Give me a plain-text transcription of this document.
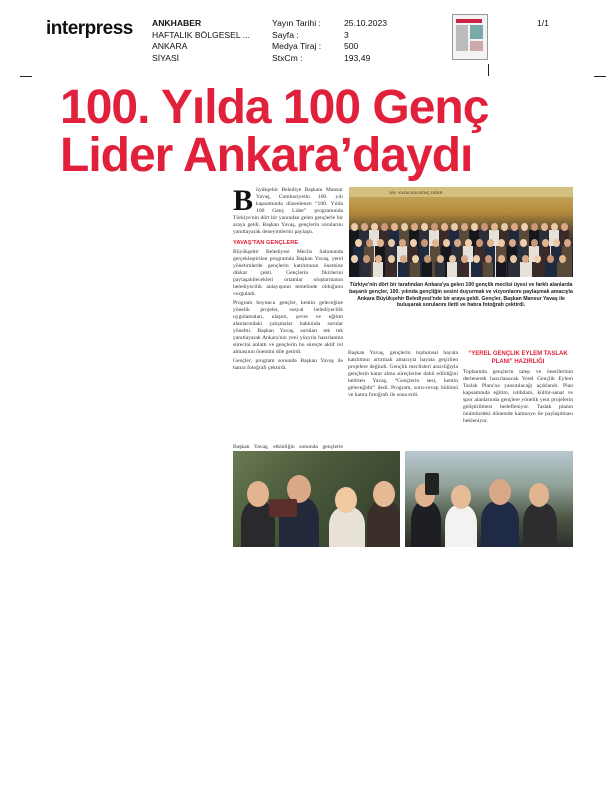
interpress ANKHABER
HAFTALIK BÖLGESEL ...
ANKARA
SİYASİ
Yayın Tarihi :	25.10.2023
Sayfa :	3
Medya Tiraj :	500
StxCm :	193,49
1/1
100. Yılda 100 Genç
Lider Ankara’daydı
B üyükşehir Belediye Başkanı Mansur Yavaş, Cumhuriyetin 100. yılı kapsamında düzenlenen “100. Yılda 100 Genç Lider” programında Türkiye'nin dört bir yanından gelen gençlerle bir araya geldi. Başkan Yavaş, gençlerin sorularını yanıtlayarak deneyimlerini paylaştı.

YAVAŞ'TAN GENÇLERE

Büyükşehir Belediyesi Meclis Salonunda gerçekleştirilen programda Başkan Yavaş, yerel yönetimlerde gençlerin katılımının önemine dikkat çekti. Gençlerin fikirlerini paylaşabilecekleri ortamlar oluşturmanın belediyecilik anlayışının temelinde olduğunu vurguladı.

Program boyunca gençler, kentin geleceğine yönelik projeler, sosyal belediyecilik uygulamaları, ulaşım, çevre ve eğitim alanlarındaki çalışmalar hakkında sorular yöneltti. Başkan Yavaş, soruları tek tek yanıtlayarak Ankara'nın yeni yüzyıla hazırlanma sürecini anlattı ve gençlerin bu süreçte aktif rol almasının önemini dile getirdi.

Gençler, program sonunda Başkan Yavaş ile hatıra fotoğrafı çektirdi.

100. YILDA 100 GENÇ LİDER
Türkiye'nin dört bir tarafından Ankara'ya gelen 100 gençlik meclisi üyesi ve farklı alanlarda başarılı gençler, 100. yılında gençliğin sesini duyurmak ve vizyonlarını paylaşmak amacıyla Ankara Büyükşehir Belediyesi'nde bir araya geldi. Gençler, Başkan Mansur Yavaş ile buluşarak sorularını iletti ve hatıra fotoğrafı çektirdi.

Başkan Yavaş, gençlerin toplumsal hayata katılımını artırmak amacıyla hayata geçirilen projelere değindi. Gençlik meclisleri aracılığıyla gençlerin karar alma süreçlerine dahil edildiğini belirten Yavaş, “Gençlerin sesi, kentin geleceğidir” dedi. Program, soru-cevap bölümü ve hatıra fotoğrafı ile sona erdi.

“YEREL GENÇLİK EYLEM TASLAK PLANI” HAZIRLIĞI

Toplantıda gençlerin talep ve önerilerinin derlenerek hazırlanacak Yerel Gençlik Eylem Taslak Planı'na yansıtılacağı açıklandı. Plan kapsamında eğitim, istihdam, kültür-sanat ve spor alanlarında gençlere yönelik yeni projelerin geliştirilmesi hedefleniyor. Taslak planın önümüzdeki dönemde kamuoyu ile paylaşılması bekleniyor.

Başkan Yavaş, etkinliğin sonunda gençlerle
